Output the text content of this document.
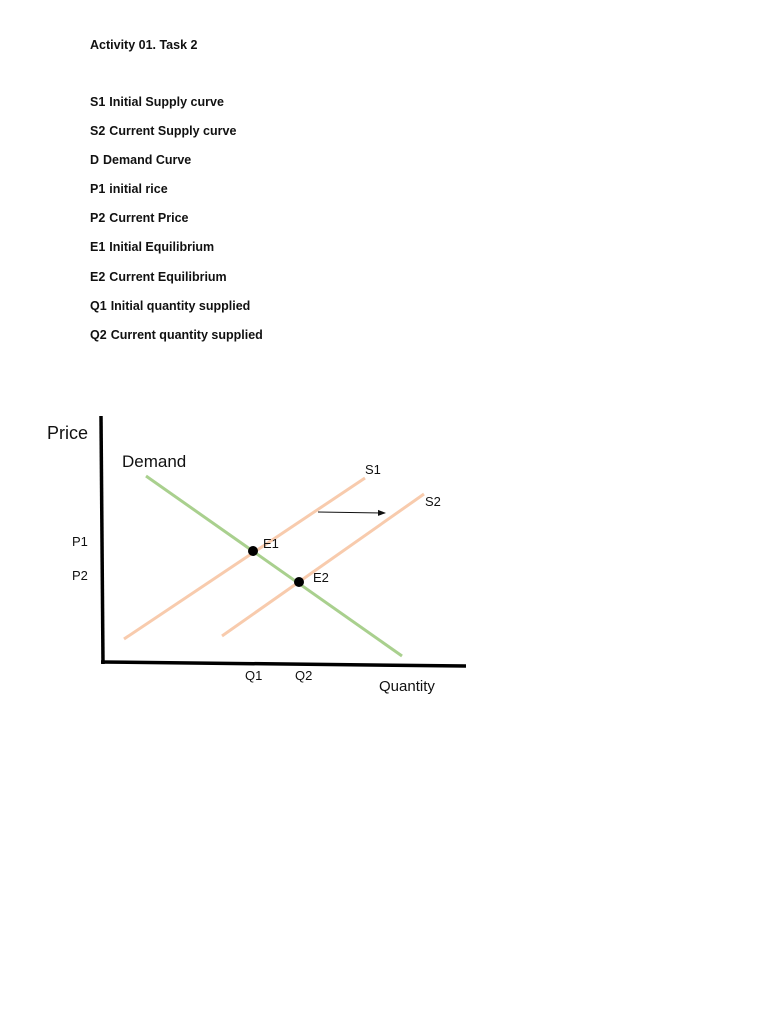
Activity 01. Task 2
S1 Initial Supply curve
S2 Current Supply curve
D Demand Curve
P1 initial rice
P2 Current Price
E1 Initial Equilibrium
E2 Current Equilibrium
Q1 Initial quantity supplied
Q2 Current quantity supplied
Price
Quantity
Demand	S1
S2
E1
E2
P1
P2
Q1	Q2
